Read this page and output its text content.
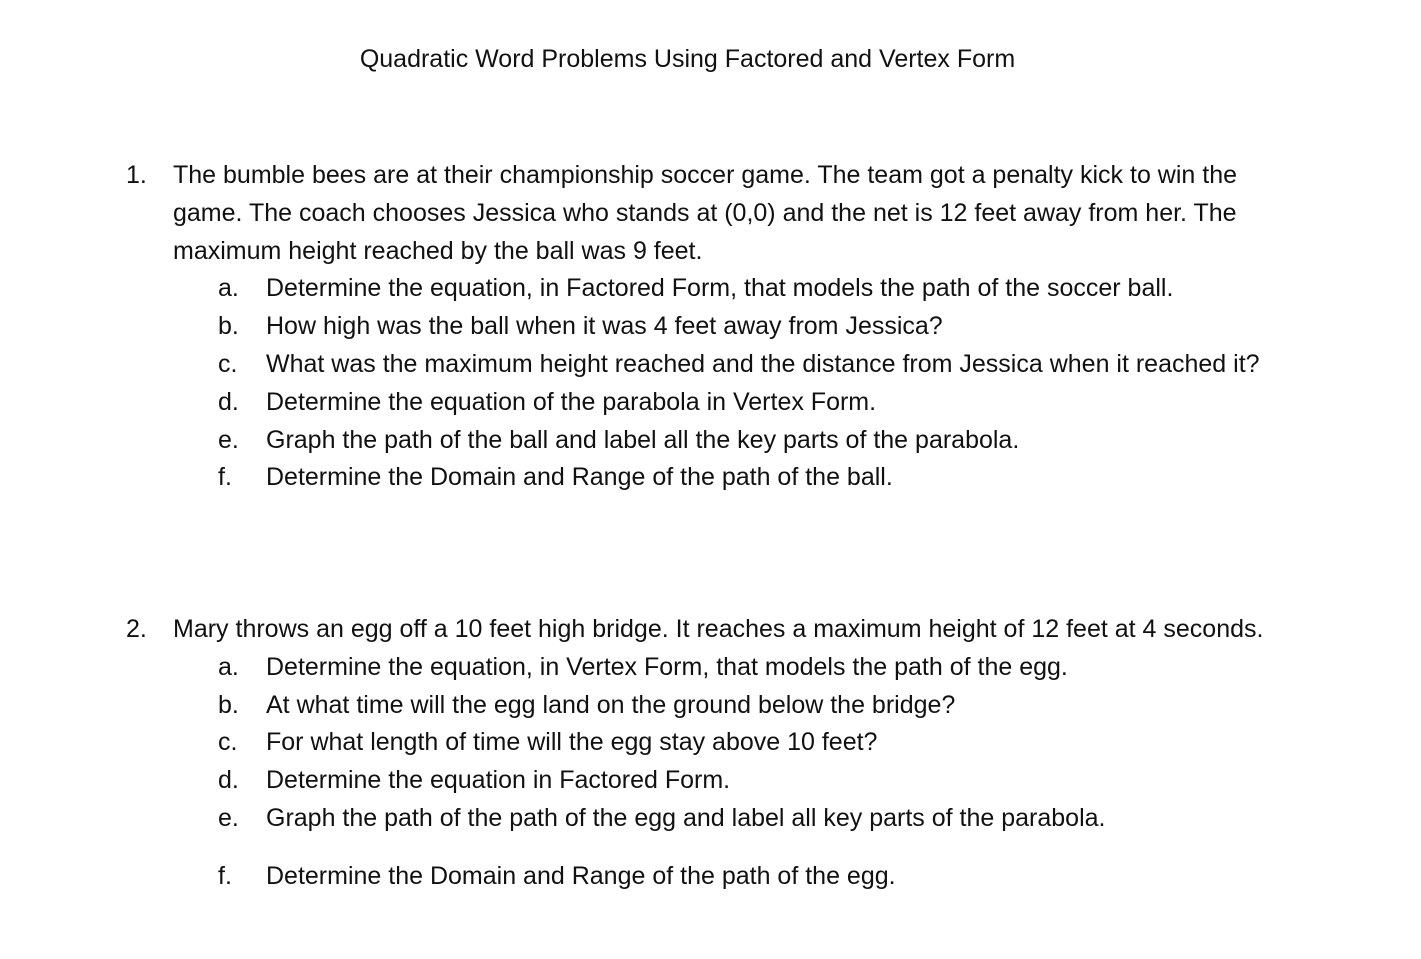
Quadratic Word Problems Using Factored and Vertex Form
1.	The bumble bees are at their championship soccer game. The team got a penalty kick to win the game. The coach chooses Jessica who stands at (0,0) and the net is 12 feet away from her. The maximum height reached by the ball was 9 feet.
a.	Determine the equation, in Factored Form, that models the path of the soccer ball.
b.	How high was the ball when it was 4 feet away from Jessica?
c.	What was the maximum height reached and the distance from Jessica when it reached it?
d.	Determine the equation of the parabola in Vertex Form.
e.	Graph the path of the ball and label all the key parts of the parabola.
f.	Determine the Domain and Range of the path of the ball.
2.	Mary throws an egg off a 10 feet high bridge. It reaches a maximum height of 12 feet at 4 seconds.
a.	Determine the equation, in Vertex Form, that models the path of the egg.
b.	At what time will the egg land on the ground below the bridge?
c.	For what length of time will the egg stay above 10 feet?
d.	Determine the equation in Factored Form.
e.	Graph the path of the path of the egg and label all key parts of the parabola.
f.	Determine the Domain and Range of the path of the egg.
